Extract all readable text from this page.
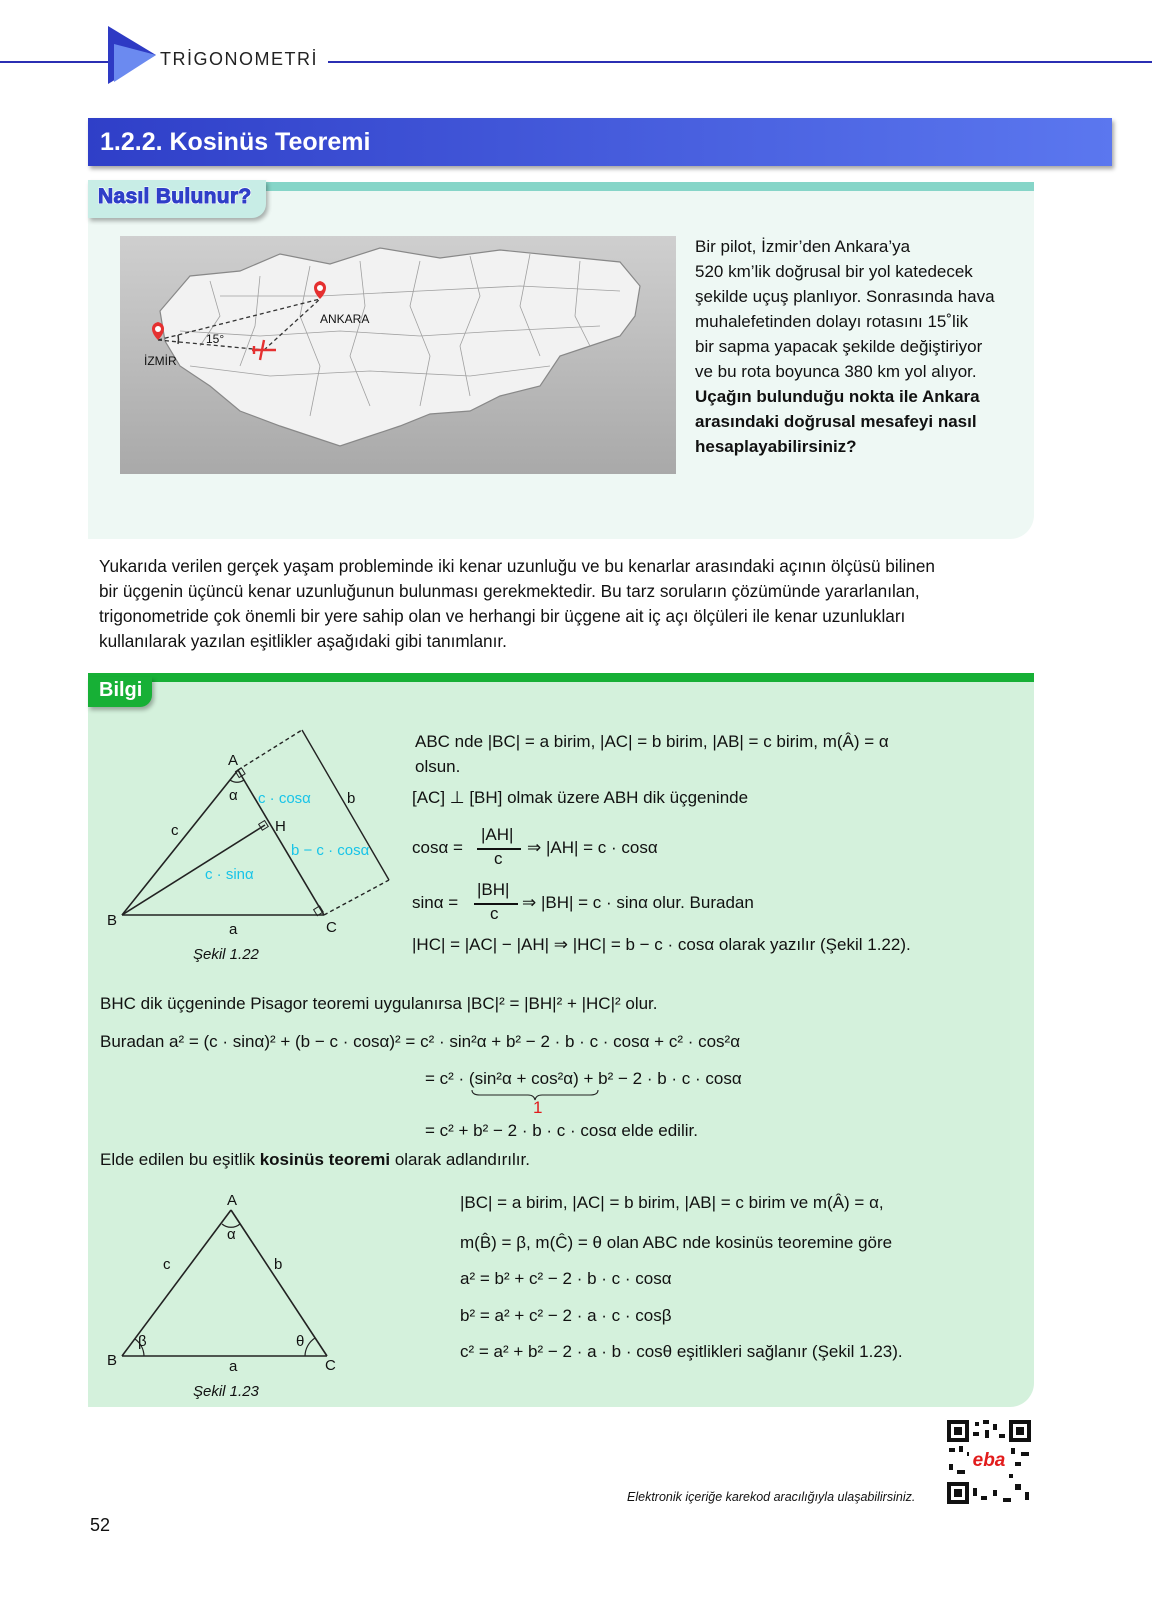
TRİGONOMETRİ
1.2.2. Kosinüs Teoremi
Nasıl Bulunur?
İZMİR
ANKARA
15°

Bir pilot, İzmir’den Ankara’ya

520 km’lik doğrusal bir yol katedecek

şekilde uçuş planlıyor. Sonrasında hava

muhalefetinden dolayı rotasını 15˚lik

bir sapma yapacak şekilde değiştiriyor

ve bu rota boyunca 380 km yol alıyor.

Uçağın bulunduğu nokta ile Ankara

arasındaki doğrusal mesafeyi nasıl

hesaplayabilirsiniz?

Yukarıda verilen gerçek yaşam probleminde iki kenar uzunluğu ve bu kenarlar arasındaki açının ölçüsü bilinen

bir üçgenin üçüncü kenar uzunluğunun bulunması gerekmektedir. Bu tarz soruların çözümünde yararlanılan,

trigonometride çok önemli bir yere sahip olan ve herhangi bir üçgene ait iç açı ölçüleri ile kenar uzunlukları

kullanılarak yazılan eşitlikler aşağıdaki gibi tanımlanır.

Bilgi
A
α c · cosα b
c	H
b − c · cosα
c · sinα
B
a	C
Şekil 1.22
ABC nde |BC| = a birim, |AC| = b birim, |AB| = c birim, m(Â) = α
olsun.
[AC] ⊥ [BH] olmak üzere ABH dik üçgeninde
cosα =
|AH|
c
⇒ |AH| = c · cosα
sinα =
|BH|
c
⇒ |BH| = c · sinα olur. Buradan
|HC| = |AC| − |AH| ⇒ |HC| = b − c · cosα olarak yazılır (Şekil 1.22).
BHC dik üçgeninde Pisagor teoremi uygulanırsa |BC|² = |BH|² + |HC|² olur.
Buradan a² = (c · sinα)² + (b − c · cosα)² = c² · sin²α + b² − 2 · b · c · cosα + c² · cos²α
= c² · (sin²α + cos²α) + b² − 2 · b · c · cosα
1
= c² + b² − 2 · b · c · cosα elde edilir.
Elde edilen bu eşitlik kosinüs teoremi olarak adlandırılır.
A
α
c	b
β	θ
B	a	C
Şekil 1.23
|BC| = a birim, |AC| = b birim, |AB| = c birim ve m(Â) = α,
m(B̂) = β, m(Ĉ) = θ olan ABC nde kosinüs teoremine göre
a² = b² + c² − 2 · b · c · cosα
b² = a² + c² − 2 · a · c · cosβ
c² = a² + b² − 2 · a · b · cosθ eşitlikleri sağlanır (Şekil 1.23).
eba
Elektronik içeriğe karekod aracılığıyla ulaşabilirsiniz.
52
